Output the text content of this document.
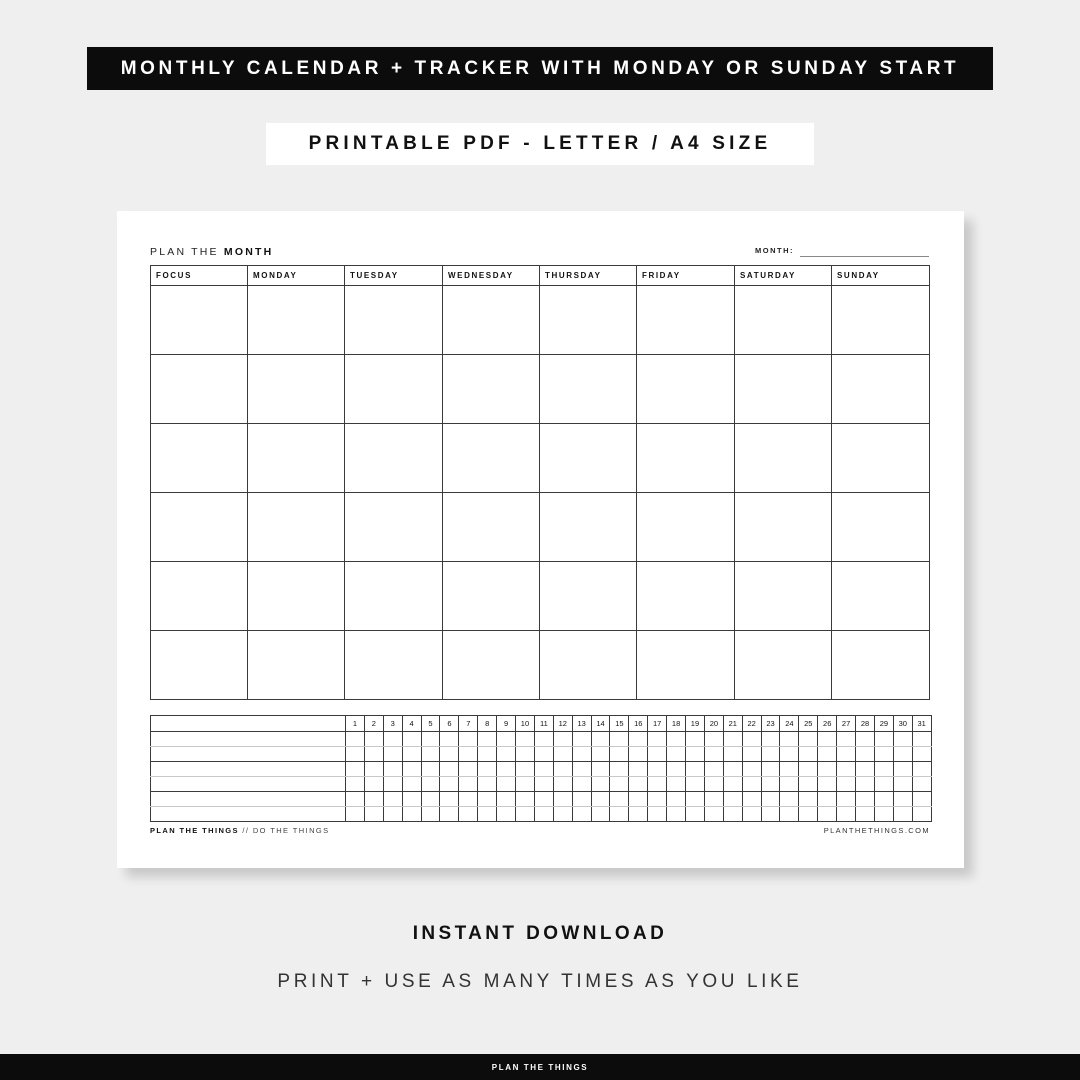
MONTHLY CALENDAR + TRACKER WITH MONDAY OR SUNDAY START
PRINTABLE PDF - LETTER / A4 SIZE
PLAN THE MONTH	MONTH:
FOCUS	MONDAY	TUESDAY	WEDNESDAY	THURSDAY	FRIDAY	SATURDAY	SUNDAY

	1	2	3	4	5	6	7	8	9	10	11	12	13	14	15	16	17	18	19	20	21	22	23	24	25	26	27	28	29	30	31

PLAN THE THINGS // DO THE THINGS	PLANTHETHINGS.COM
INSTANT DOWNLOAD
PRINT + USE AS MANY TIMES AS YOU LIKE
PLAN THE THINGS
